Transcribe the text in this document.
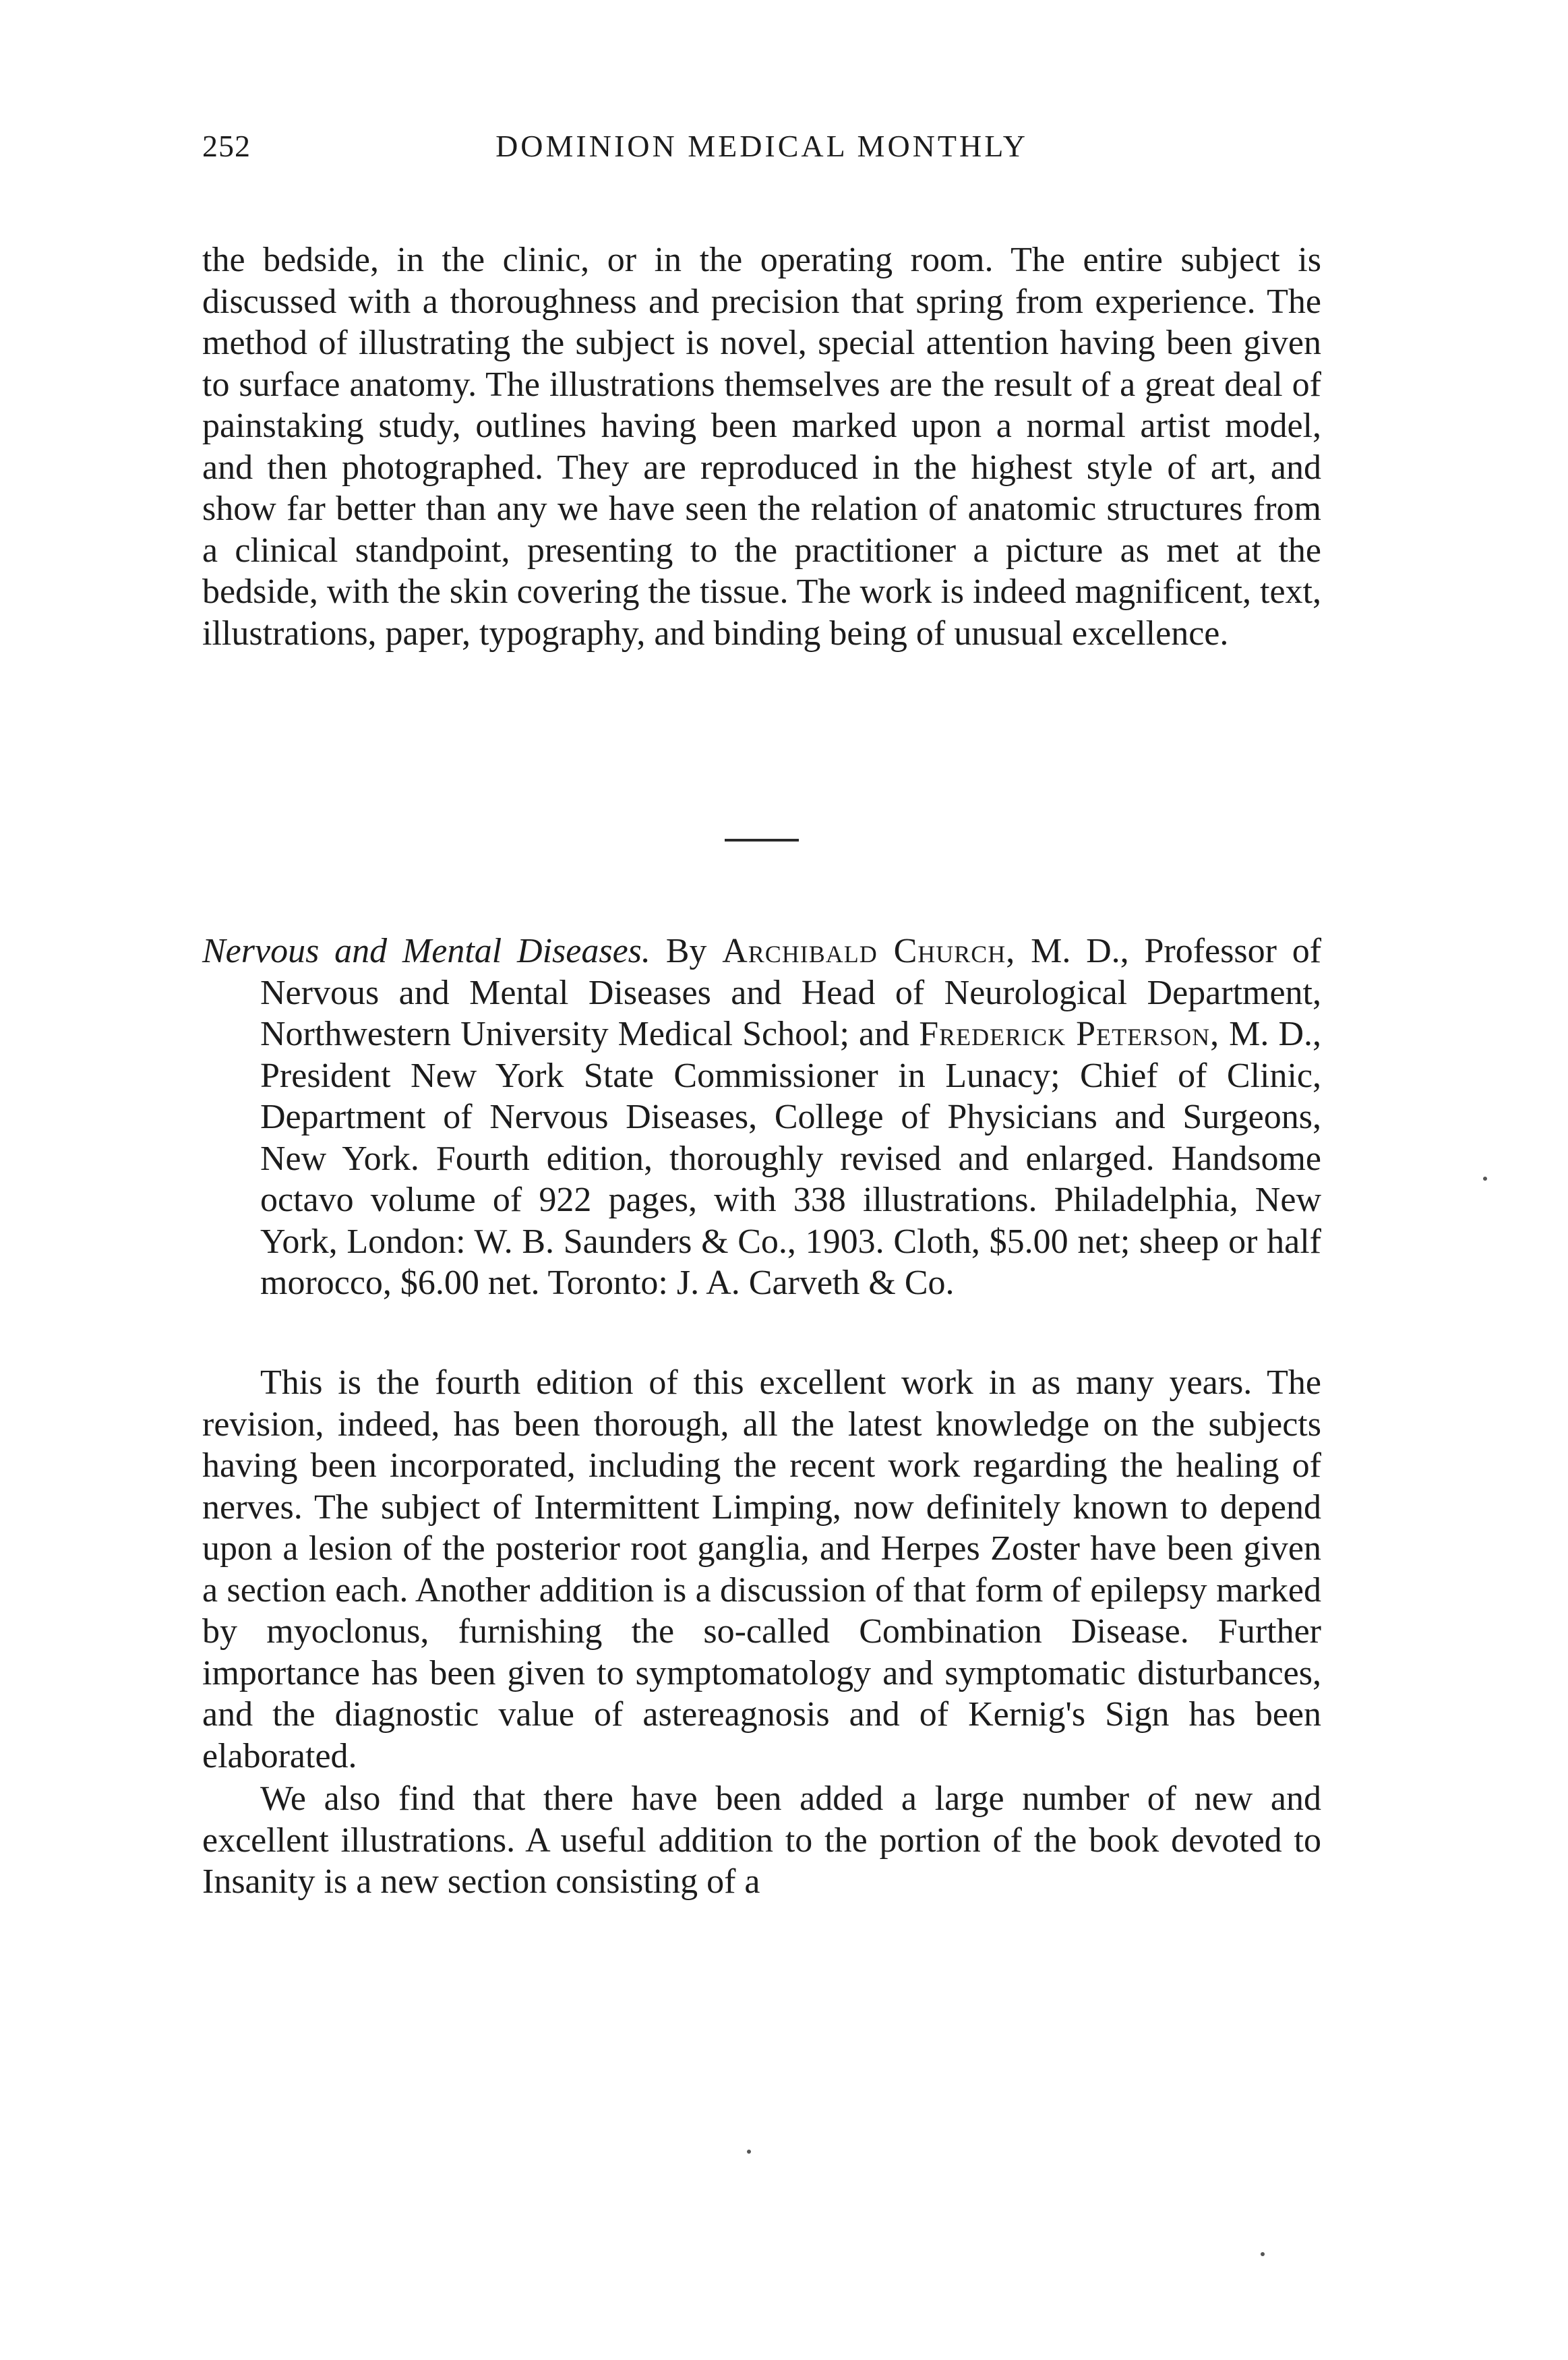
252	DOMINION MEDICAL MONTHLY

the bedside, in the clinic, or in the operating room. The entire subject is discussed with a thoroughness and precision that spring from experience. The method of illustrating the subject is novel, special attention having been given to surface anatomy. The illustrations themselves are the result of a great deal of painstaking study, outlines having been marked upon a normal artist model, and then photographed. They are reproduced in the highest style of art, and show far better than any we have seen the relation of anatomic structures from a clinical standpoint, presenting to the practitioner a picture as met at the bedside, with the skin covering the tissue. The work is indeed magnificent, text, illustrations, paper, typography, and binding being of unusual excellence.

Nervous and Mental Diseases. By Archibald Church, M. D., Professor of Nervous and Mental Diseases and Head of Neurological Department, Northwestern University Medical School; and Frederick Peterson, M. D., President New York State Commissioner in Lunacy; Chief of Clinic, Department of Nervous Diseases, College of Physicians and Surgeons, New York. Fourth edition, thoroughly revised and enlarged. Handsome octavo volume of 922 pages, with 338 illustrations. Philadelphia, New York, London: W. B. Saunders & Co., 1903. Cloth, $5.00 net; sheep or half morocco, $6.00 net. Toronto: J. A. Carveth & Co.

This is the fourth edition of this excellent work in as many years. The revision, indeed, has been thorough, all the latest knowledge on the subjects having been incorporated, including the recent work regarding the healing of nerves. The subject of Intermittent Limping, now definitely known to depend upon a lesion of the posterior root ganglia, and Herpes Zoster have been given a section each. Another addition is a discussion of that form of epilepsy marked by myoclonus, furnishing the so-called Combination Disease. Further importance has been given to symptomatology and symptomatic disturbances, and the diagnostic value of astereagnosis and of Kernig's Sign has been elaborated.

We also find that there have been added a large number of new and excellent illustrations. A useful addition to the portion of the book devoted to Insanity is a new section consisting of a
